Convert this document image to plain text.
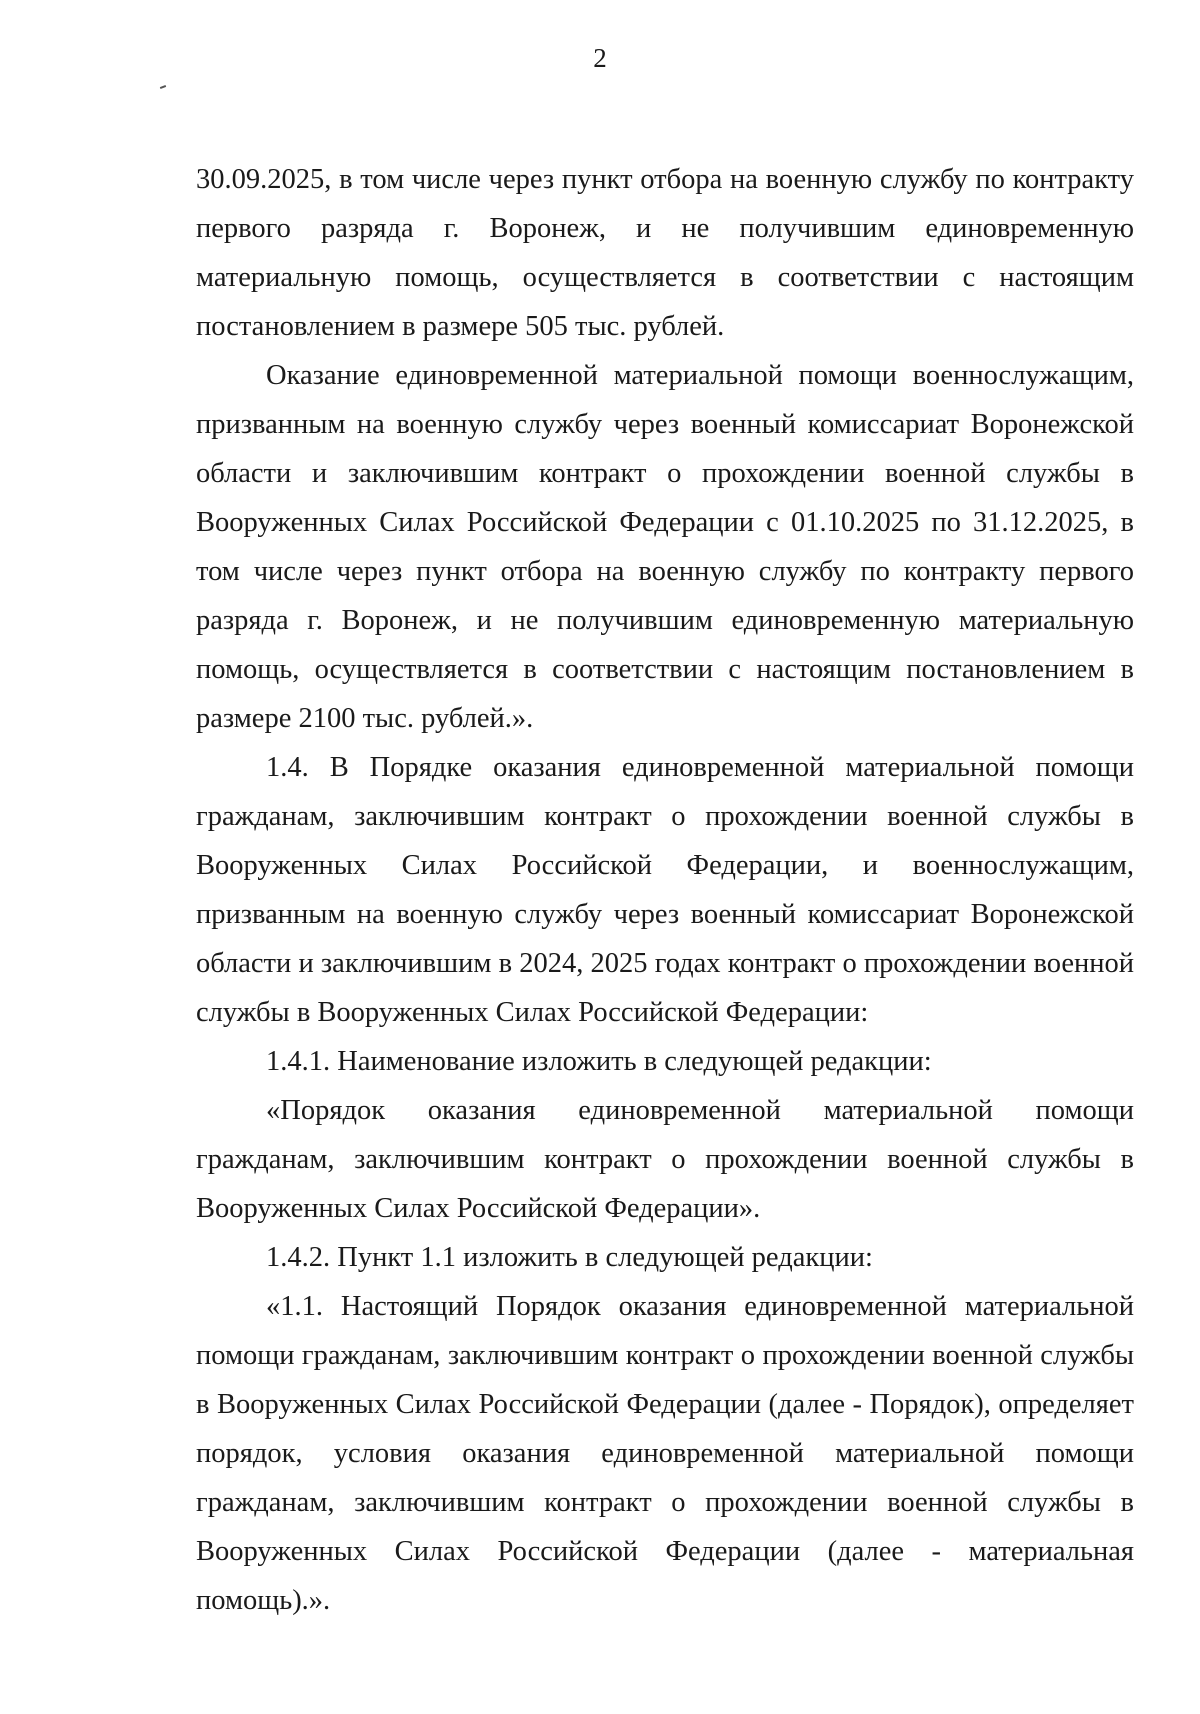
2

30.09.2025, в том числе через пункт отбора на военную службу по контракту первого разряда г. Воронеж, и не получившим единовременную материальную помощь, осуществляется в соответствии с настоящим постановлением в размере 505 тыс. рублей.

Оказание единовременной материальной помощи военнослужащим, призванным на военную службу через военный комиссариат Воронежской области и заключившим контракт о прохождении военной службы в Вооруженных Силах Российской Федерации с 01.10.2025 по 31.12.2025, в том числе через пункт отбора на военную службу по контракту первого разряда г. Воронеж, и не получившим единовременную материальную помощь, осуществляется в соответствии с настоящим постановлением в размере 2100 тыс. рублей.».

1.4. В Порядке оказания единовременной материальной помощи гражданам, заключившим контракт о прохождении военной службы в Вооруженных Силах Российской Федерации, и военнослужащим, призванным на военную службу через военный комиссариат Воронежской области и заключившим в 2024, 2025 годах контракт о прохождении военной службы в Вооруженных Силах Российской Федерации:

1.4.1. Наименование изложить в следующей редакции:

«Порядок оказания единовременной материальной помощи гражданам, заключившим контракт о прохождении военной службы в Вооруженных Силах Российской Федерации».

1.4.2. Пункт 1.1 изложить в следующей редакции:

«1.1. Настоящий Порядок оказания единовременной материальной помощи гражданам, заключившим контракт о прохождении военной службы в Вооруженных Силах Российской Федерации (далее - Порядок), определяет порядок, условия оказания единовременной материальной помощи гражданам, заключившим контракт о прохождении военной службы в Вооруженных Силах Российской Федерации (далее - материальная помощь).».
